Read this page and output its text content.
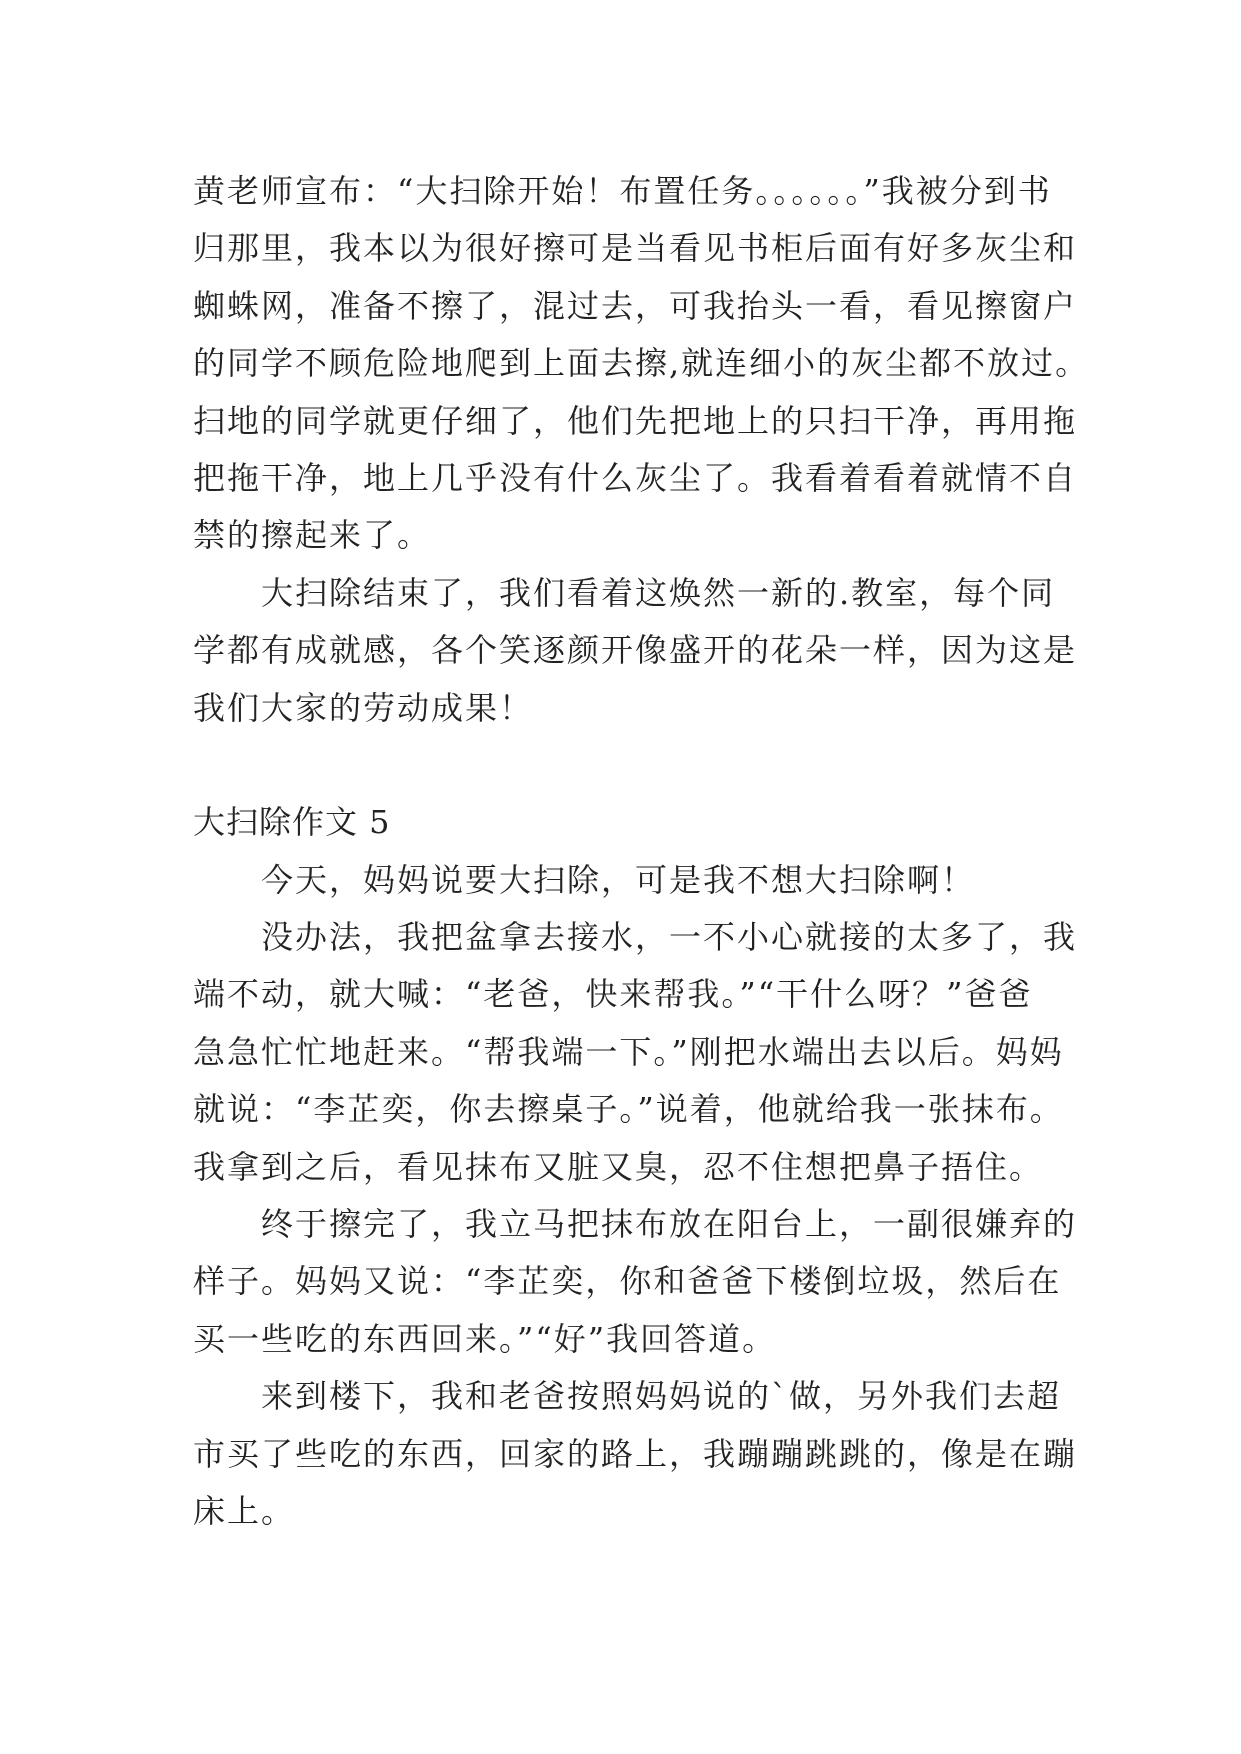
黄老师宣布：“大扫除开始！布置任务。。。。。。”我被分到书
归那里，我本以为很好擦可是当看见书柜后面有好多灰尘和
蜘蛛网，准备不擦了，混过去，可我抬头一看，看见擦窗户
的同学不顾危险地爬到上面去擦,就连细小的灰尘都不放过。
扫地的同学就更仔细了，他们先把地上的只扫干净，再用拖
把拖干净，地上几乎没有什么灰尘了。我看着看着就情不自
禁的擦起来了。
大扫除结束了，我们看着这焕然一新的.教室，每个同
学都有成就感，各个笑逐颜开像盛开的花朵一样，因为这是
我们大家的劳动成果！
大扫除作文 5
今天，妈妈说要大扫除，可是我不想大扫除啊！
没办法，我把盆拿去接水，一不小心就接的太多了，我
端不动，就大喊：“老爸，快来帮我。”“干什么呀？”爸爸
急急忙忙地赶来。“帮我端一下。”刚把水端出去以后。妈妈
就说：“李芷奕，你去擦桌子。”说着，他就给我一张抹布。
我拿到之后，看见抹布又脏又臭，忍不住想把鼻子捂住。
终于擦完了，我立马把抹布放在阳台上，一副很嫌弃的
样子。妈妈又说：“李芷奕，你和爸爸下楼倒垃圾，然后在
买一些吃的东西回来。”“好”我回答道。
来到楼下，我和老爸按照妈妈说的`做，另外我们去超
市买了些吃的东西，回家的路上，我蹦蹦跳跳的，像是在蹦
床上。
